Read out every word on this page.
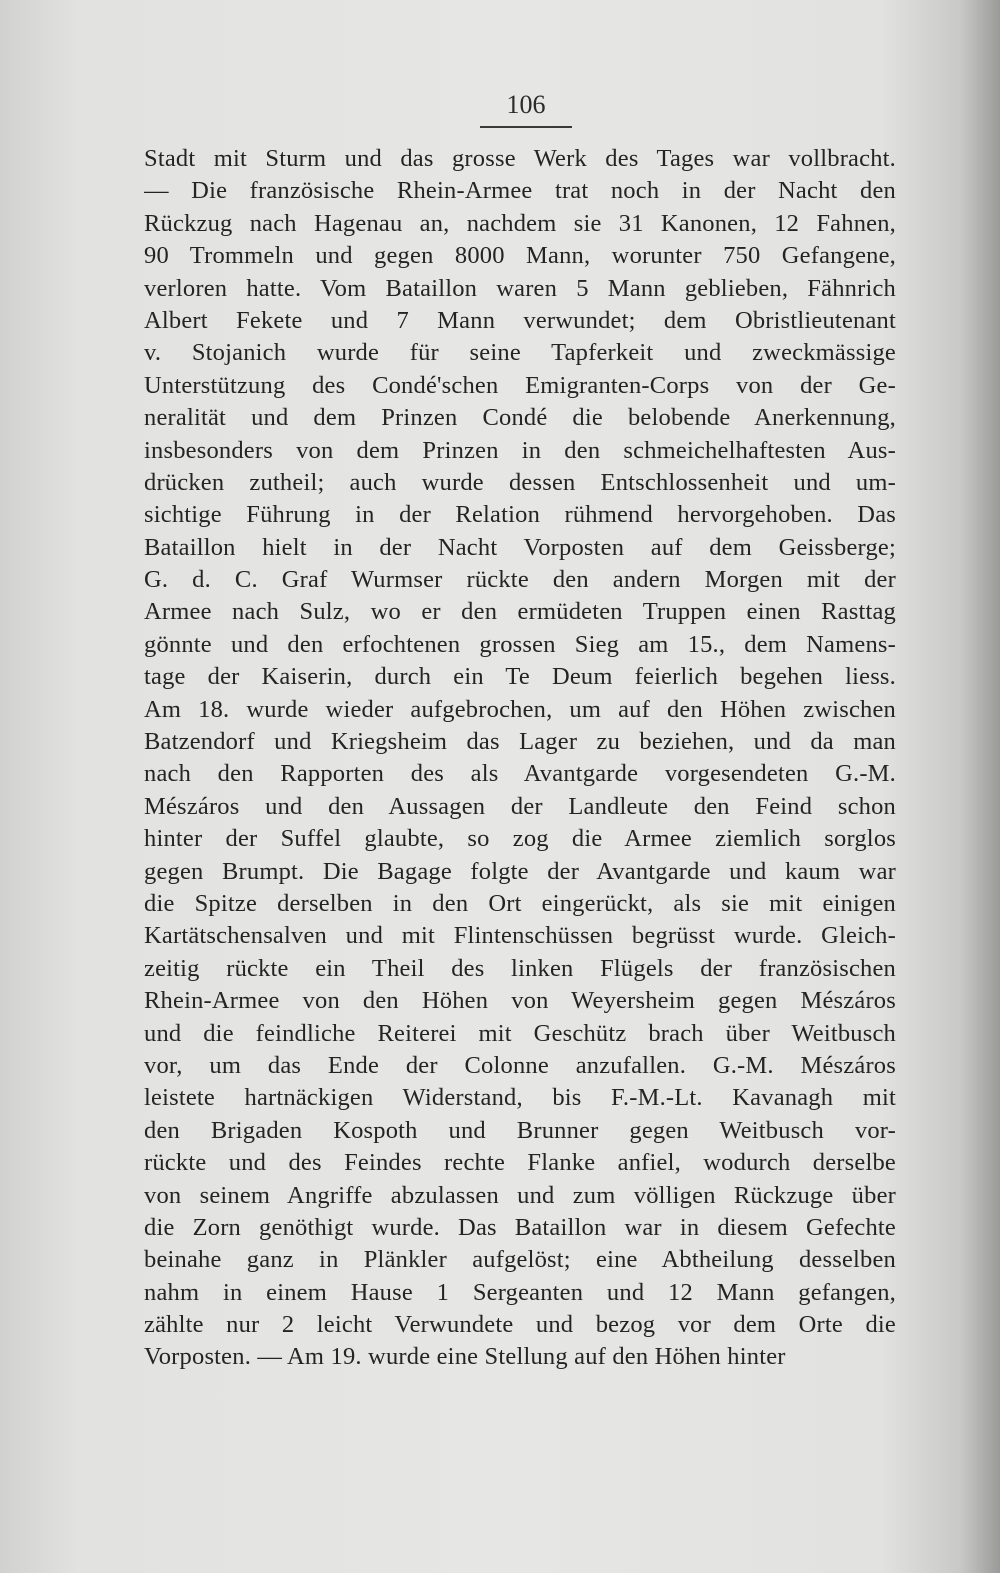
106
Stadt mit Sturm und das grosse Werk des Tages war vollbracht.
— Die französische Rhein-Armee trat noch in der Nacht den
Rückzug nach Hagenau an, nachdem sie 31 Kanonen, 12 Fahnen,
90 Trommeln und gegen 8000 Mann, worunter 750 Gefangene,
verloren hatte. Vom Bataillon waren 5 Mann geblieben, Fähnrich
Albert Fekete und 7 Mann verwundet; dem Obristlieutenant
v. Stojanich wurde für seine Tapferkeit und zweckmässige
Unterstützung des Condé'schen Emigranten-Corps von der Ge-
neralität und dem Prinzen Condé die belobende Anerkennung,
insbesonders von dem Prinzen in den schmeichelhaftesten Aus-
drücken zutheil; auch wurde dessen Entschlossenheit und um-
sichtige Führung in der Relation rühmend hervorgehoben. Das
Bataillon hielt in der Nacht Vorposten auf dem Geissberge;
G. d. C. Graf Wurmser rückte den andern Morgen mit der
Armee nach Sulz, wo er den ermüdeten Truppen einen Rasttag
gönnte und den erfochtenen grossen Sieg am 15., dem Namens-
tage der Kaiserin, durch ein Te Deum feierlich begehen liess.
Am 18. wurde wieder aufgebrochen, um auf den Höhen zwischen
Batzendorf und Kriegsheim das Lager zu beziehen, und da man
nach den Rapporten des als Avantgarde vorgesendeten G.-M.
Mészáros und den Aussagen der Landleute den Feind schon
hinter der Suffel glaubte, so zog die Armee ziemlich sorglos
gegen Brumpt. Die Bagage folgte der Avantgarde und kaum war
die Spitze derselben in den Ort eingerückt, als sie mit einigen
Kartätschensalven und mit Flintenschüssen begrüsst wurde. Gleich-
zeitig rückte ein Theil des linken Flügels der französischen
Rhein-Armee von den Höhen von Weyersheim gegen Mészáros
und die feindliche Reiterei mit Geschütz brach über Weitbusch
vor, um das Ende der Colonne anzufallen. G.-M. Mészáros
leistete hartnäckigen Widerstand, bis F.-M.-Lt. Kavanagh mit
den Brigaden Kospoth und Brunner gegen Weitbusch vor-
rückte und des Feindes rechte Flanke anfiel, wodurch derselbe
von seinem Angriffe abzulassen und zum völligen Rückzuge über
die Zorn genöthigt wurde. Das Bataillon war in diesem Gefechte
beinahe ganz in Plänkler aufgelöst; eine Abtheilung desselben
nahm in einem Hause 1 Sergeanten und 12 Mann gefangen,
zählte nur 2 leicht Verwundete und bezog vor dem Orte die
Vorposten. — Am 19. wurde eine Stellung auf den Höhen hinter
